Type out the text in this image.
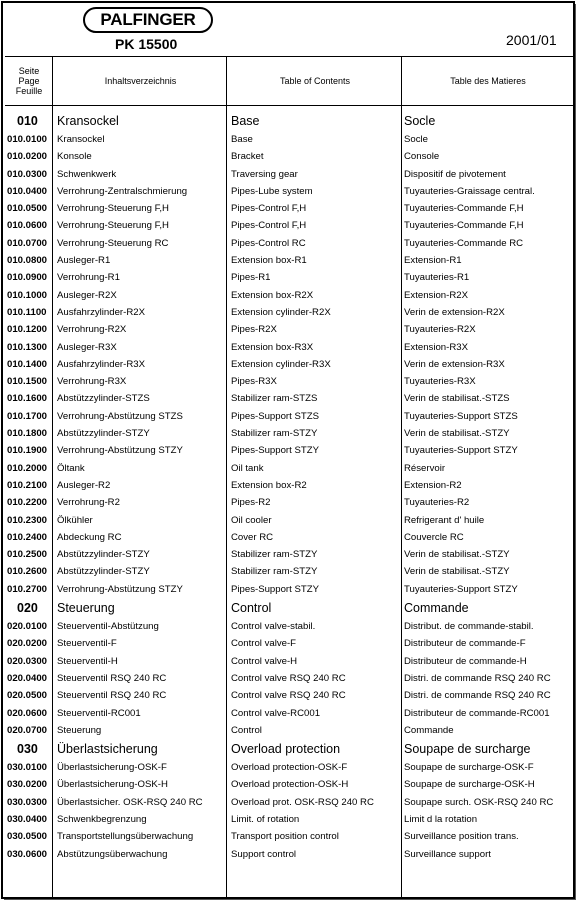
PALFINGER
PK 15500	2001/01
Seite
Page
Feuille
Inhaltsverzeichnis	Table of Contents	Table des Matieres
010 Kransockel	Base	Socle
010.0100 Kransockel	Base	Socle
010.0200 Konsole	Bracket	Console
010.0300 Schwenkwerk	Traversing gear	Dispositif de pivotement
010.0400 Verrohrung-Zentralschmierung	Pipes-Lube system	Tuyauteries-Graissage central.
010.0500 Verrohrung-Steuerung F,H	Pipes-Control F,H	Tuyauteries-Commande F,H
010.0600 Verrohrung-Steuerung F,H	Pipes-Control F,H	Tuyauteries-Commande F,H
010.0700 Verrohrung-Steuerung RC	Pipes-Control RC	Tuyauteries-Commande RC
010.0800 Ausleger-R1	Extension box-R1	Extension-R1
010.0900 Verrohrung-R1	Pipes-R1	Tuyauteries-R1
010.1000 Ausleger-R2X	Extension box-R2X	Extension-R2X
010.1100 Ausfahrzylinder-R2X	Extension cylinder-R2X	Verin de extension-R2X
010.1200 Verrohrung-R2X	Pipes-R2X	Tuyauteries-R2X
010.1300 Ausleger-R3X	Extension box-R3X	Extension-R3X
010.1400 Ausfahrzylinder-R3X	Extension cylinder-R3X	Verin de extension-R3X
010.1500 Verrohrung-R3X	Pipes-R3X	Tuyauteries-R3X
010.1600 Abstützzylinder-STZS	Stabilizer ram-STZS	Verin de stabilisat.-STZS
010.1700 Verrohrung-Abstützung STZS	Pipes-Support STZS	Tuyauteries-Support STZS
010.1800 Abstützzylinder-STZY	Stabilizer ram-STZY	Verin de stabilisat.-STZY
010.1900 Verrohrung-Abstützung STZY	Pipes-Support STZY	Tuyauteries-Support STZY
010.2000 Öltank	Oil tank	Réservoir
010.2100 Ausleger-R2	Extension box-R2	Extension-R2
010.2200 Verrohrung-R2	Pipes-R2	Tuyauteries-R2
010.2300 Ölkühler	Oil cooler	Refrigerant d' huile
010.2400 Abdeckung RC	Cover RC	Couvercle RC
010.2500 Abstützzylinder-STZY	Stabilizer ram-STZY	Verin de stabilisat.-STZY
010.2600 Abstützzylinder-STZY	Stabilizer ram-STZY	Verin de stabilisat.-STZY
010.2700 Verrohrung-Abstützung STZY	Pipes-Support STZY	Tuyauteries-Support STZY
020 Steuerung	Control	Commande
020.0100 Steuerventil-Abstützung	Control valve-stabil.	Distribut. de commande-stabil.
020.0200 Steuerventil-F	Control valve-F	Distributeur de commande-F
020.0300 Steuerventil-H	Control valve-H	Distributeur de commande-H
020.0400 Steuerventil RSQ 240 RC	Control valve RSQ 240 RC	Distri. de commande RSQ 240 RC
020.0500 Steuerventil RSQ 240 RC	Control valve RSQ 240 RC	Distri. de commande RSQ 240 RC
020.0600 Steuerventil-RC001	Control valve-RC001	Distributeur de commande-RC001
020.0700 Steuerung	Control	Commande
030 Überlastsicherung	Overload protection	Soupape de surcharge
030.0100 Überlastsicherung-OSK-F	Overload protection-OSK-F	Soupape de surcharge-OSK-F
030.0200 Überlastsicherung-OSK-H	Overload protection-OSK-H	Soupape de surcharge-OSK-H
030.0300 Überlastsicher. OSK-RSQ 240 RC	Overload prot. OSK-RSQ 240 RC	Soupape surch. OSK-RSQ 240 RC
030.0400 Schwenkbegrenzung	Limit. of rotation	Limit d la rotation
030.0500 Transportstellungsüberwachung	Transport position control	Surveillance position trans.
030.0600 Abstützungsüberwachung	Support control	Surveillance support
